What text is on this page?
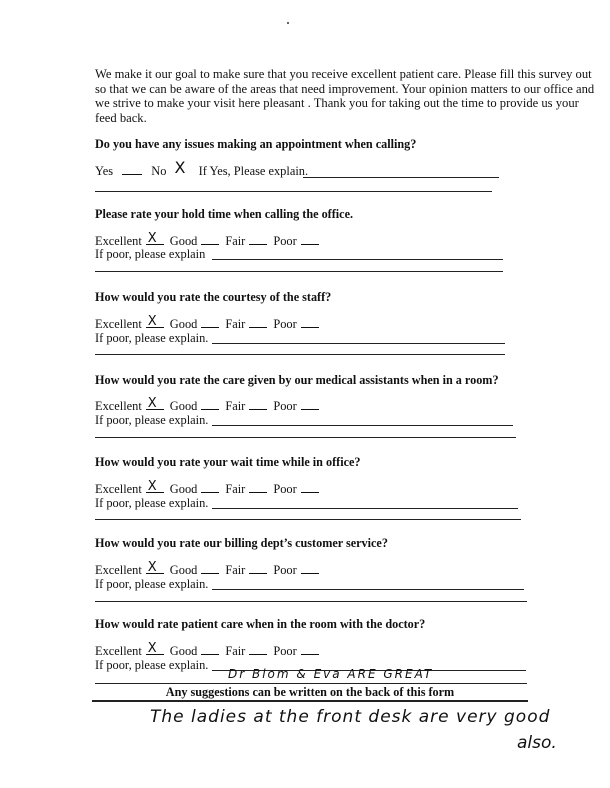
We make it our goal to make sure that you receive excellent patient care. Please fill this survey out so that we can be aware of the areas that need improvement. Your opinion matters to our office and we strive to make your visit here pleasant . Thank you for taking out the time to provide us your feed back.
Do you have any issues making an appointment when calling?
Yes	No X If Yes, Please explain.
Please rate your hold time when calling the office.
Excellent X Good Fair Poor
If poor, please explain
How would you rate the courtesy of the staff?
Excellent X Good Fair Poor
If poor, please explain.
How would you rate the care given by our medical assistants when in a room?
Excellent X Good Fair Poor
If poor, please explain.
How would you rate your wait time while in office?
Excellent X Good Fair Poor
If poor, please explain.
How would you rate our billing dept’s customer service?
Excellent X Good Fair Poor
If poor, please explain.
How would rate patient care when in the room with the doctor?
Excellent X Good Fair Poor
If poor, please explain.
Dr Blom & Eva ARE GREAT
Any suggestions can be written on the back of this form
The ladies at the front desk are very good
also.
